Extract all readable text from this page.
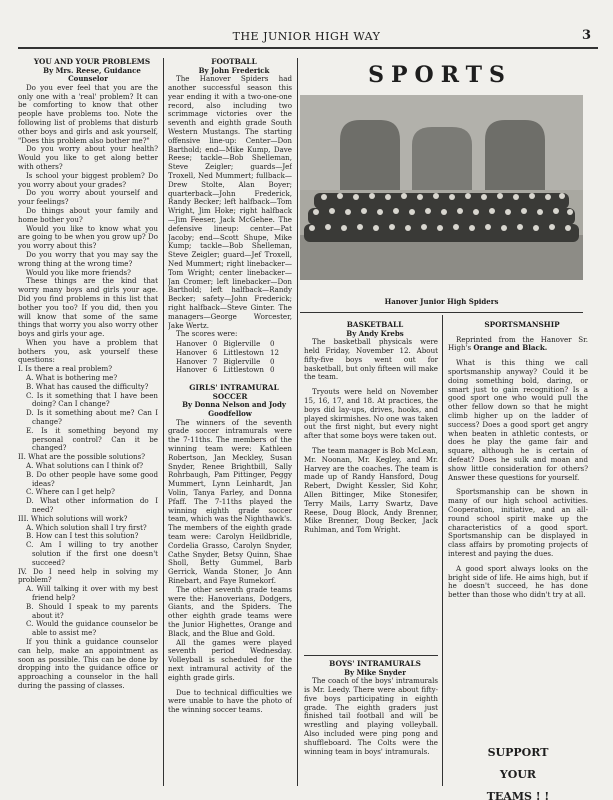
THE JUNIOR HIGH WAY	3

YOU AND YOUR PROBLEMS

By Mrs. Reese, Guidance Counselor

Do you ever feel that you are the only one with a 'real' problem? It can be comforting to know that other people have problems too. Note the following list of problems that disturb other boys and girls and ask yourself, "Does this problem also bother me?"

Do you worry about your health? Would you like to get along better with others?

Is school your biggest problem? Do you worry about your grades?

Do you worry about yourself and your feelings?

Do things about your family and home bother you?

Would you like to know what you are going to be when you grow up? Do you worry about this?

Do you worry that you may say the wrong thing at the wrong time?

Would you like more friends?

These things are the kind that worry many boys and girls your age. Did you find problems in this list that bother you too? If you did, then you will know that some of the same things that worry you also worry other boys and girls your age.

When you have a problem that bothers you, ask yourself these questions:

I. Is there a real problem?

A. What is bothering me?

B. What has caused the difficulty?

C. Is it something that I have been doing? Can I change?

D. Is it something about me? Can I change?

E. Is it something beyond my personal control? Can it be changed?

II. What are the possible solutions?

A. What solutions can I think of?

B. Do other people have some good ideas?

C. Where can I get help?

D. What other information do I need?

III. Which solutions will work?

A. Which solution shall I try first?

B. How can I test this solution?

C. Am I willing to try another solution if the first one doesn't succeed?

IV. Do I need help in solving my problem?

A. Will talking it over with my best friend help?

B. Should I speak to my parents about it?

C. Would the guidance counselor be able to assist me?

If you think a guidance counselor can help, make an appointment as soon as possible. This can be done by dropping into the guidance office or approaching a counselor in the hall during the passing of classes.

FOOTBALL

By John Frederick

The Hanover Spiders had another successful season this year ending it with a two-one-one record, also including two scrimmage victories over the seventh and eighth grade South Western Mustangs. The starting offensive line-up: Center—Don Barthold; end—Mike Kump, Dave Reese; tackle—Bob Shelleman, Steve Zeigler; guards—Jef Troxell, Ned Mummert; fullback—Drew Stolte, Alan Boyer; quarterback—John Frederick, Randy Becker; left halfback—Tom Wright, Jim Hoke; right halfback—Jim Feeser, Jack McGehee. The defensive lineup: center—Pat Jacoby; end—Scott Shupe, Mike Kump; tackle—Bob Shelleman, Steve Zeigler; guard—Jef Troxell, Ned Mummert; right linebacker—Tom Wright; center linebacker—Jan Cromer; left linebacker—Don Barthold; left halfback—Randy Becker; safety—John Frederick; right halfback—Steve Ginter. The managers—George Worcester, Jake Wertz.

The scores were:

Hanover	0	Biglerville	0
Hanover	6	Littlestown	12
Hanover	7	Biglerville	0
Hanover	6	Littlestown	0

GIRLS' INTRAMURAL SOCCER

By Donna Nelson and Jody Goodfellow

The winners of the seventh grade soccer intramurals were the 7-11ths. The members of the winning team were: Kathleen Robertson, Jan Meckley, Susan Snyder, Renee Brightbill, Sally Rohrbaugh, Pam Pittinger, Peggy Mummert, Lynn Leinhardt, Jan Volin, Tanya Farley, and Donna Pfaff. The 7-11ths played the winning eighth grade soccer team, which was the Nighthawk's. The members of the eighth grade team were: Carolyn Heildbridle, Cordelia Grasso, Carolyn Snyder, Cathe Snyder, Betsy Quinn, Shae Sholl, Betty Gummel, Barb Gerrick, Wanda Stoner, Jo Ann Rinebart, and Faye Rumekorf.

The other seventh grade teams were the: Hanoverians, Dodgers, Giants, and the Spiders. The other eighth grade teams were the Junior Highettes, Orange and Black, and the Blue and Gold.

All the games were played seventh period Wednesday. Volleyball is scheduled for the next intramural activity of the eighth grade girls.

Due to technical difficulties we were unable to have the photo of the winning soccer teams.

SPORTS
Hanover Junior High Spiders

BASKETBALL

By Andy Krebs

The basketball physicals were held Friday, November 12. About fifty-five boys went out for basketball, but only fifteen will make the team.

Tryouts were held on November 15, 16, 17, and 18. At practices, the boys did lay-ups, drives, hooks, and played skirmishes. No one was taken out the first night, but every night after that some boys were taken out.

The team manager is Bob McLean, Mr. Noonan, Mr. Kegley, and Mr. Harvey are the coaches. The team is made up of Randy Hansford, Doug Rebert, Dwight Kessler, Sid Kohr, Allen Bittinger, Mike Stonesifer, Terry Mails, Larry Swartz, Dave Reese, Doug Block, Andy Brenner, Mike Brenner, Doug Becker, Jack Ruhlman, and Tom Wright.

BOYS' INTRAMURALS

By Mike Snyder

The coach of the boys' intramurals is Mr. Leedy. There were about fifty-five boys participating in eighth grade. The eighth graders just finished tail football and will be wrestling and playing volleyball. Also included were ping pong and shuffleboard. The Colts were the winning team in boys' intramurals.

SPORTSMANSHIP

Reprinted from the Hanover Sr. High's Orange and Black.

What is this thing we call sportsmanship anyway? Could it be doing something bold, daring, or smart just to gain recognition? Is a good sport one who would pull the other fellow down so that he might climb higher up on the ladder of success? Does a good sport get angry when beaten in athletic contests, or does he play the game fair and square, although he is certain of defeat? Does he sulk and moan and show little consideration for others? Answer these questions for yourself.

Sportsmanship can be shown in many of our high school activities. Cooperation, initiative, and an all-round school spirit make up the characteristics of a good sport. Sportsmanship can be displayed in class affairs by promoting projects of interest and paying the dues.

A good sport always looks on the bright side of life. He aims high, but if he doesn't succeed, he has done better than those who didn't try at all.

SUPPORT
YOUR
TEAMS ! !
